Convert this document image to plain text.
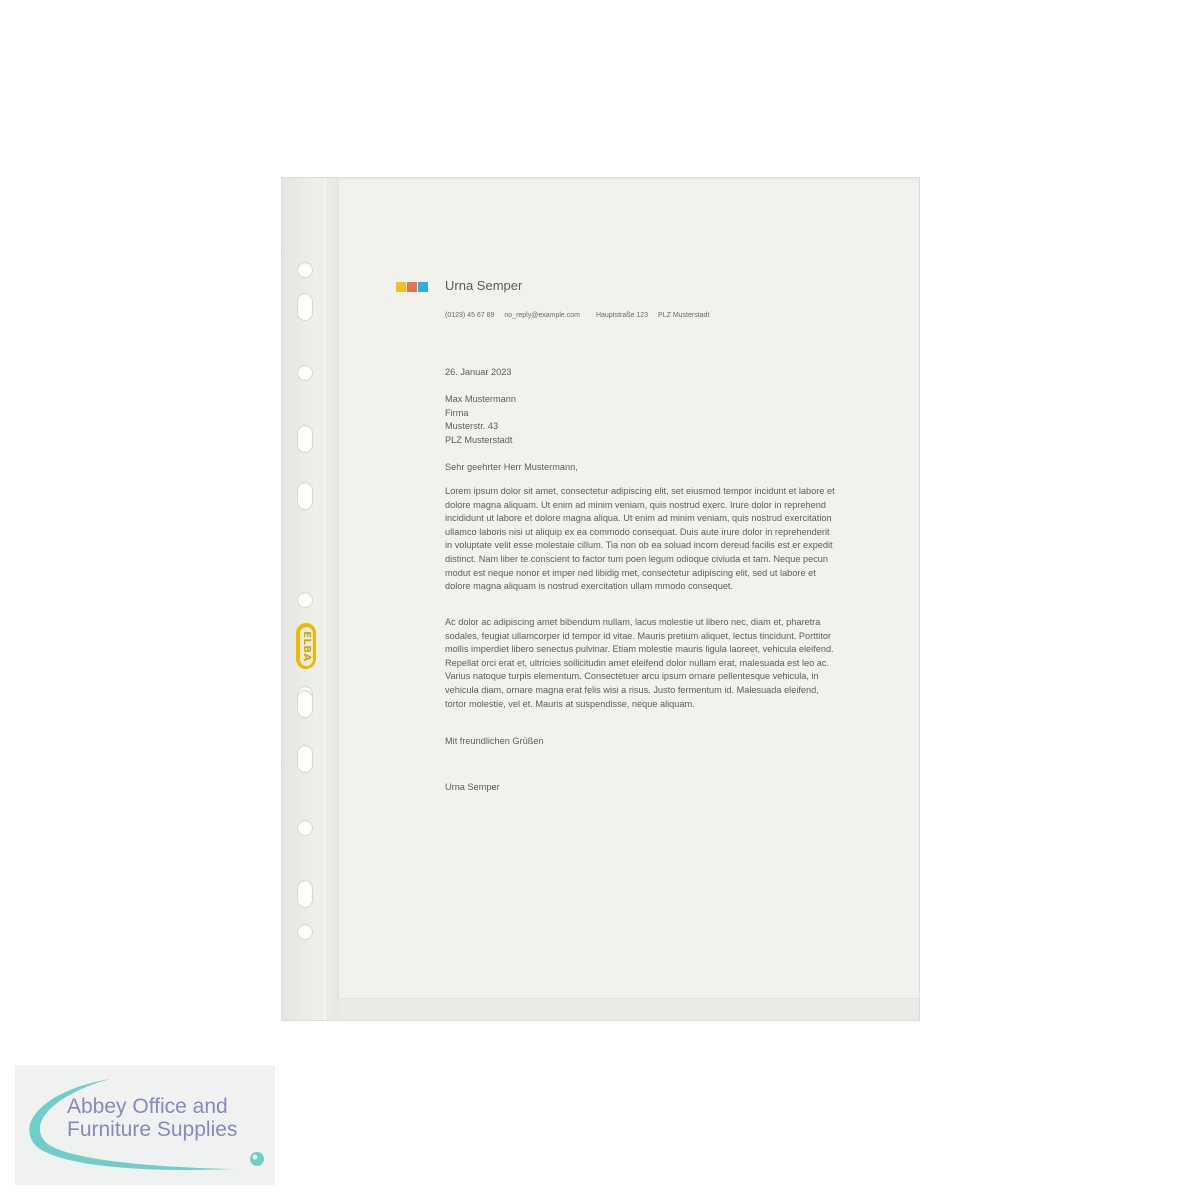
ELBA
Urna Semper
(0123) 45 67 89 no_reply@example.com Hauptstraße 123 PLZ Musterstadt
26. Januar 2023
Max Mustermann
Firma
Musterstr. 43
PLZ Musterstadt
Sehr geehrter Herr Mustermann,

Lorem ipsum dolor sit amet, consectetur adipiscing elit, set eiusmod tempor incidunt et labore et dolore magna aliquam. Ut enim ad minim veniam, quis nostrud exerc. Irure dolor in reprehend incididunt ut labore et dolore magna aliqua. Ut enim ad minim veniam, quis nostrud exercitation ullamco laboris nisi ut aliquip ex ea commodo consequat. Duis aute irure dolor in reprehenderit in voluptate velit esse molestaie cillum. Tia non ob ea soluad incom dereud facilis est er expedit distinct. Nam liber te conscient to factor tum poen legum odioque civiuda et tam. Neque pecun modut est neque nonor et imper ned libidig met, consectetur adipiscing elit, sed ut labore et dolore magna aliquam is nostrud exercitation ullam mmodo consequet.

Ac dolor ac adipiscing amet bibendum nullam, lacus molestie ut libero nec, diam et, pharetra sodales, feugiat ullamcorper id tempor id vitae. Mauris pretium aliquet, lectus tincidunt. Porttitor mollis imperdiet libero senectus pulvinar. Etiam molestie mauris ligula laoreet, vehicula eleifend. Repellat orci erat et, ultricies sollicitudin amet eleifend dolor nullam erat, malesuada est leo ac. Varius natoque turpis elementum. Consectetuer arcu ipsum ornare pellentesque vehicula, in vehicula diam, ornare magna erat felis wisi a risus. Justo fermentum id. Malesuada eleifend, tortor molestie, vel et. Mauris at suspendisse, neque aliquam.

Mit freundlichen Grüßen
Urna Semper
Abbey Office and
Furniture Supplies
